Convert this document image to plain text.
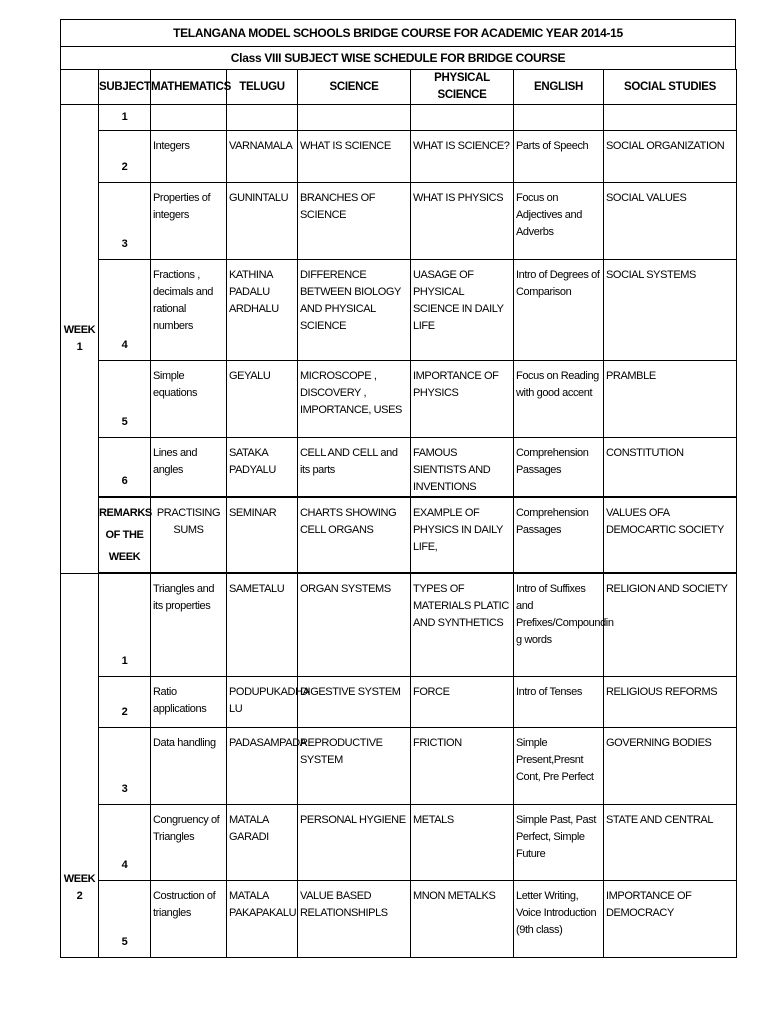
TELANGANA MODEL SCHOOLS BRIDGE COURSE FOR ACADEMIC YEAR 2014-15
Class VIII SUBJECT WISE SCHEDULE FOR BRIDGE COURSE
	SUBJECT	MATHEMATICS	TELUGU	SCIENCE	PHYSICAL SCIENCE	ENGLISH	SOCIAL STUDIES
WEEK 1	1						
	2	Integers	VARNAMALA	WHAT IS SCIENCE	WHAT IS SCIENCE?	Parts of Speech	SOCIAL ORGANIZATION
	3	Properties of integers	GUNINTALU	BRANCHES OF SCIENCE	WHAT IS PHYSICS	Focus on Adjectives and Adverbs	SOCIAL VALUES
	4	Fractions , decimals and rational numbers	KATHINA PADALU ARDHALU	DIFFERENCE BETWEEN BIOLOGY AND PHYSICAL SCIENCE	UASAGE OF PHYSICAL SCIENCE IN DAILY LIFE	Intro of Degrees of Comparison	SOCIAL SYSTEMS
	5	Simple equations	GEYALU	MICROSCOPE , DISCOVERY , IMPORTANCE, USES	IMPORTANCE OF PHYSICS	Focus on Reading with good accent	PRAMBLE
	6	Lines and angles	SATAKA PADYALU	CELL AND CELL and its parts	FAMOUS SIENTISTS AND INVENTIONS	Comprehension Passages	CONSTITUTION
	REMARKS OF THE WEEK	PRACTISING SUMS	SEMINAR	CHARTS SHOWING CELL ORGANS	EXAMPLE OF PHYSICS IN DAILY LIFE,	Comprehension Passages	VALUES OFA DEMOCARTIC SOCIETY

WEEK 2	1	Triangles and its properties	SAMETALU	ORGAN SYSTEMS	TYPES OF MATERIALS PLATIC AND SYNTHETICS	Intro of Suffixes and Prefixes/Compoundin g words	RELIGION AND SOCIETY
	2	Ratio applications	PODUPUKADHA LU	DIGESTIVE SYSTEM	FORCE	Intro of Tenses	RELIGIOUS REFORMS
	3	Data handling	PADASAMPADA	REPRODUCTIVE SYSTEM	FRICTION	Simple Present,Presnt Cont, Pre Perfect	GOVERNING BODIES
	4	Congruency of Triangles	MATALA GARADI	PERSONAL HYGIENE	METALS	Simple Past, Past Perfect, Simple Future	STATE AND CENTRAL
	5	Costruction of triangles	MATALA PAKAPAKALU	VALUE BASED RELATIONSHIPLS	MNON METALKS	Letter Writing, Voice Introduction (9th class)	IMPORTANCE OF DEMOCRACY
